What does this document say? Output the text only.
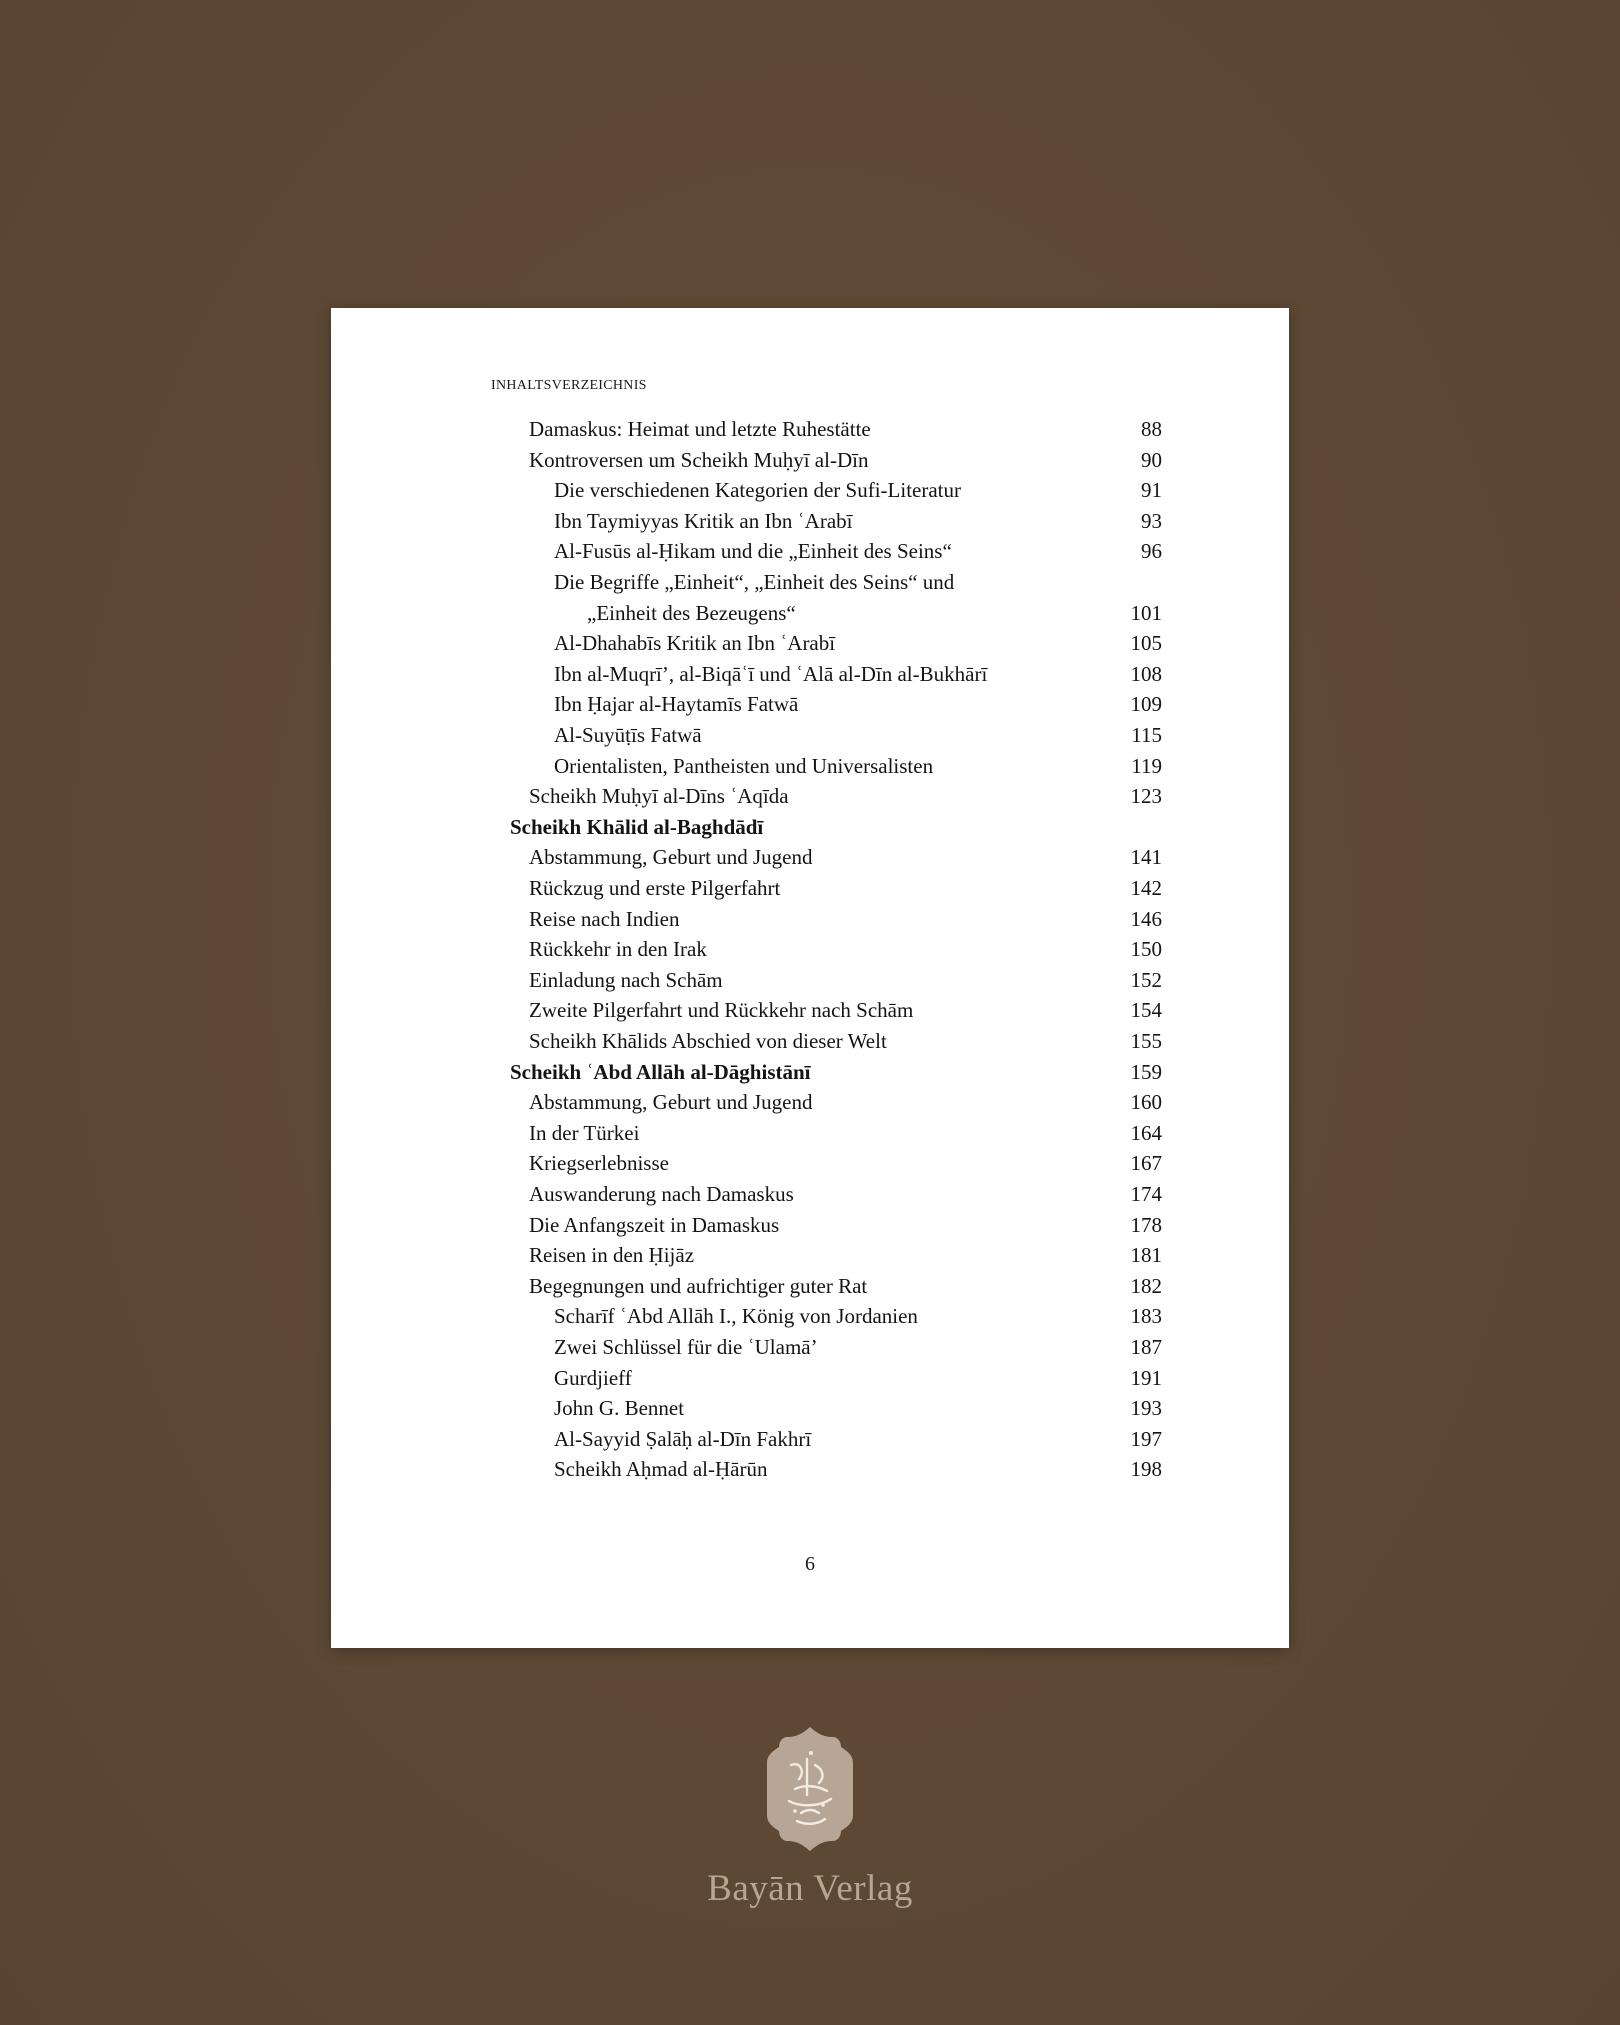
INHALTSVERZEICHNIS
Damaskus: Heimat und letzte Ruhestätte	88
Kontroversen um Scheikh Muḥyī al-Dīn	90
Die verschiedenen Kategorien der Sufi-Literatur	91
Ibn Taymiyyas Kritik an Ibn ʿArabī	93
Al-Fusūs al-Ḥikam und die „Einheit des Seins“	96
Die Begriffe „Einheit“, „Einheit des Seins“ und
„Einheit des Bezeugens“	101
Al-Dhahabīs Kritik an Ibn ʿArabī	105
Ibn al-Muqrī’, al-Biqāʿī und ʿAlā al-Dīn al-Bukhārī	108
Ibn Ḥajar al-Haytamīs Fatwā	109
Al-Suyūṭīs Fatwā	115
Orientalisten, Pantheisten und Universalisten	119
Scheikh Muḥyī al-Dīns ʿAqīda	123
Scheikh Khālid al-Baghdādī
Abstammung, Geburt und Jugend	141
Rückzug und erste Pilgerfahrt	142
Reise nach Indien	146
Rückkehr in den Irak	150
Einladung nach Schām	152
Zweite Pilgerfahrt und Rückkehr nach Schām	154
Scheikh Khālids Abschied von dieser Welt	155
Scheikh ʿAbd Allāh al-Dāghistānī	159
Abstammung, Geburt und Jugend	160
In der Türkei	164
Kriegserlebnisse	167
Auswanderung nach Damaskus	174
Die Anfangszeit in Damaskus	178
Reisen in den Ḥijāz	181
Begegnungen und aufrichtiger guter Rat	182
Scharīf ʿAbd Allāh I., König von Jordanien	183
Zwei Schlüssel für die ʿUlamā’	187
Gurdjieff	191
John G. Bennet	193
Al-Sayyid Ṣalāḥ al-Dīn Fakhrī	197
Scheikh Aḥmad al-Ḥārūn	198
6
Bayān Verlag
